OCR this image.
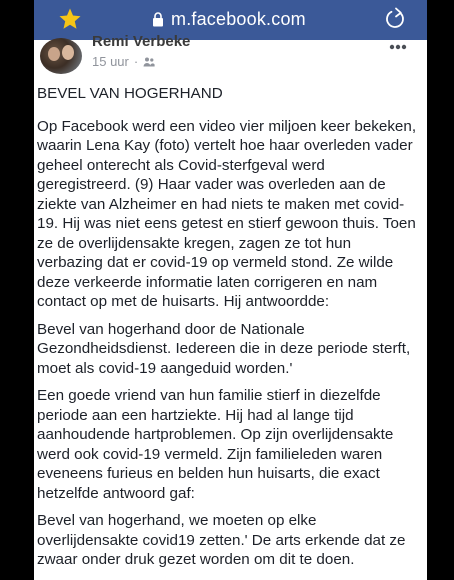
m.facebook.com
Remi Verbeke
15 uur ·

BEVEL VAN HOGERHAND

Op Facebook werd een video vier miljoen keer bekeken, waarin Lena Kay (foto) vertelt hoe haar overleden vader geheel onterecht als Covid-sterfgeval werd geregistreerd. (9) Haar vader was overleden aan de ziekte van Alzheimer en had niets te maken met covid-19. Hij was niet eens getest en stierf gewoon thuis. Toen ze de overlijdensakte kregen, zagen ze tot hun verbazing dat er covid-19 op vermeld stond. Ze wilde deze verkeerde informatie laten corrigeren en nam contact op met de huisarts. Hij antwoordde:

Bevel van hogerhand door de Nationale Gezondheidsdienst. Iedereen die in deze periode sterft, moet als covid-19 aangeduid worden.'

Een goede vriend van hun familie stierf in diezelfde periode aan een hartziekte. Hij had al lange tijd aanhoudende hartproblemen. Op zijn overlijdensakte werd ook covid-19 vermeld. Zijn familieleden waren eveneens furieus en belden hun huisarts, die exact hetzelfde antwoord gaf:

Bevel van hogerhand, we moeten op elke overlijdensakte covid19 zetten.' De arts erkende dat ze zwaar onder druk gezet worden om dit te doen.
